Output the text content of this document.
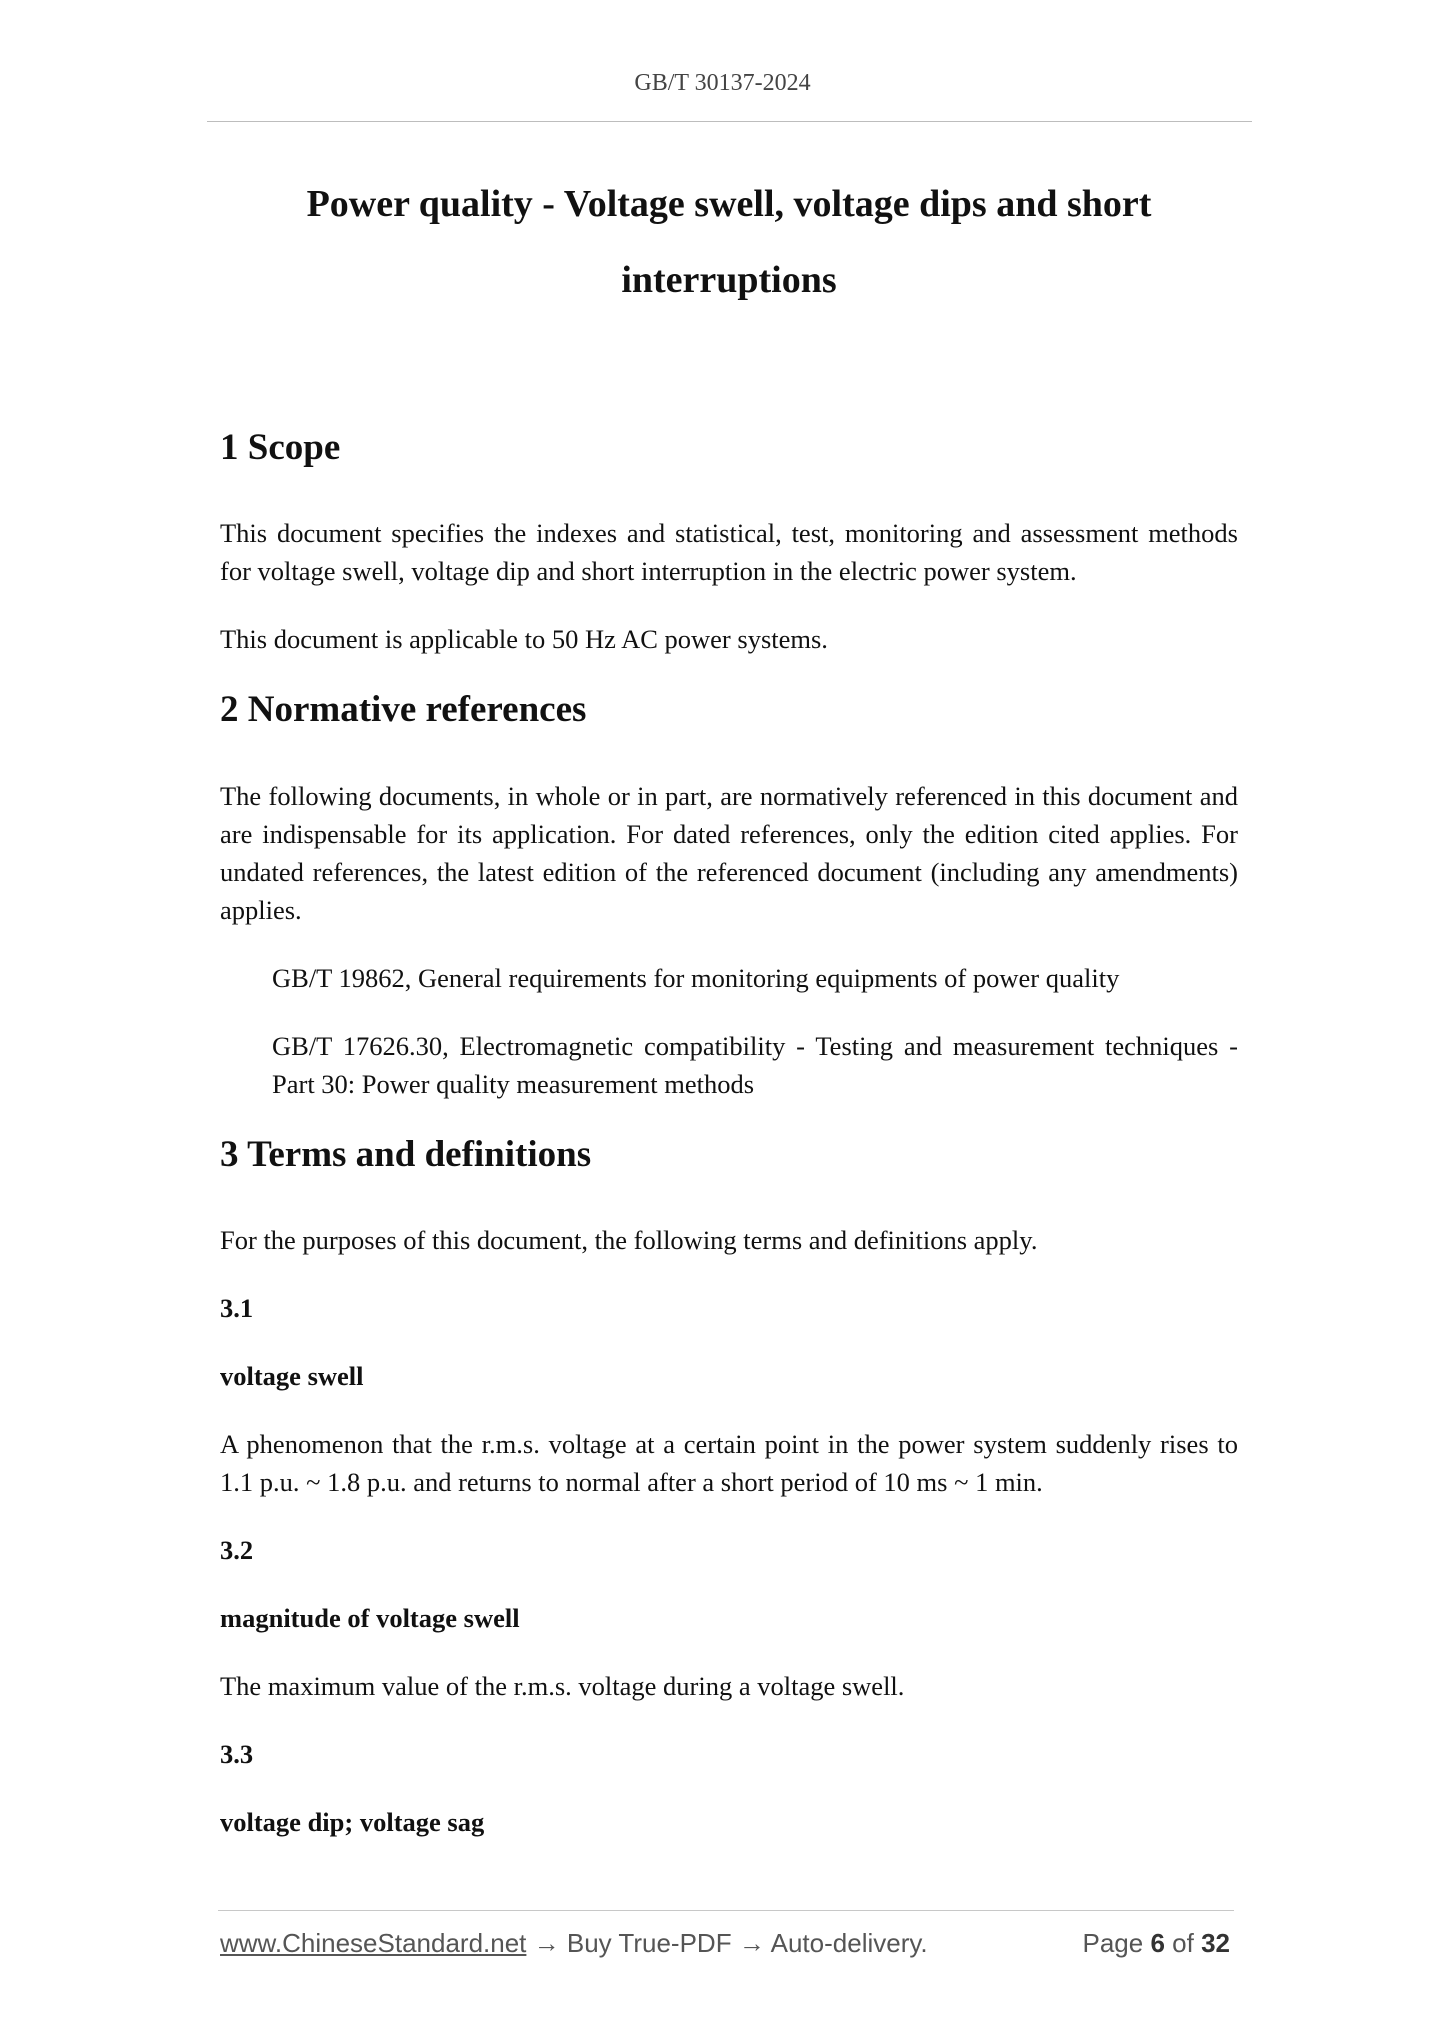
GB/T 30137-2024
Power quality - Voltage swell, voltage dips and short
interruptions
1 Scope

This document specifies the indexes and statistical, test, monitoring and assessment methods for voltage swell, voltage dip and short interruption in the electric power system.

This document is applicable to 50 Hz AC power systems.

2 Normative references

The following documents, in whole or in part, are normatively referenced in this document and are indispensable for its application. For dated references, only the edition cited applies. For undated references, the latest edition of the referenced document (including any amendments) applies.

GB/T 19862, General requirements for monitoring equipments of power quality

GB/T 17626.30, Electromagnetic compatibility - Testing and measurement techniques - Part 30: Power quality measurement methods

3 Terms and definitions

For the purposes of this document, the following terms and definitions apply.

3.1

voltage swell

A phenomenon that the r.m.s. voltage at a certain point in the power system suddenly rises to 1.1 p.u. ~ 1.8 p.u. and returns to normal after a short period of 10 ms ~ 1 min.

3.2

magnitude of voltage swell

The maximum value of the r.m.s. voltage during a voltage swell.

3.3

voltage dip; voltage sag

www.ChineseStandard.net → Buy True-PDF → Auto-delivery.	Page 6 of 32
